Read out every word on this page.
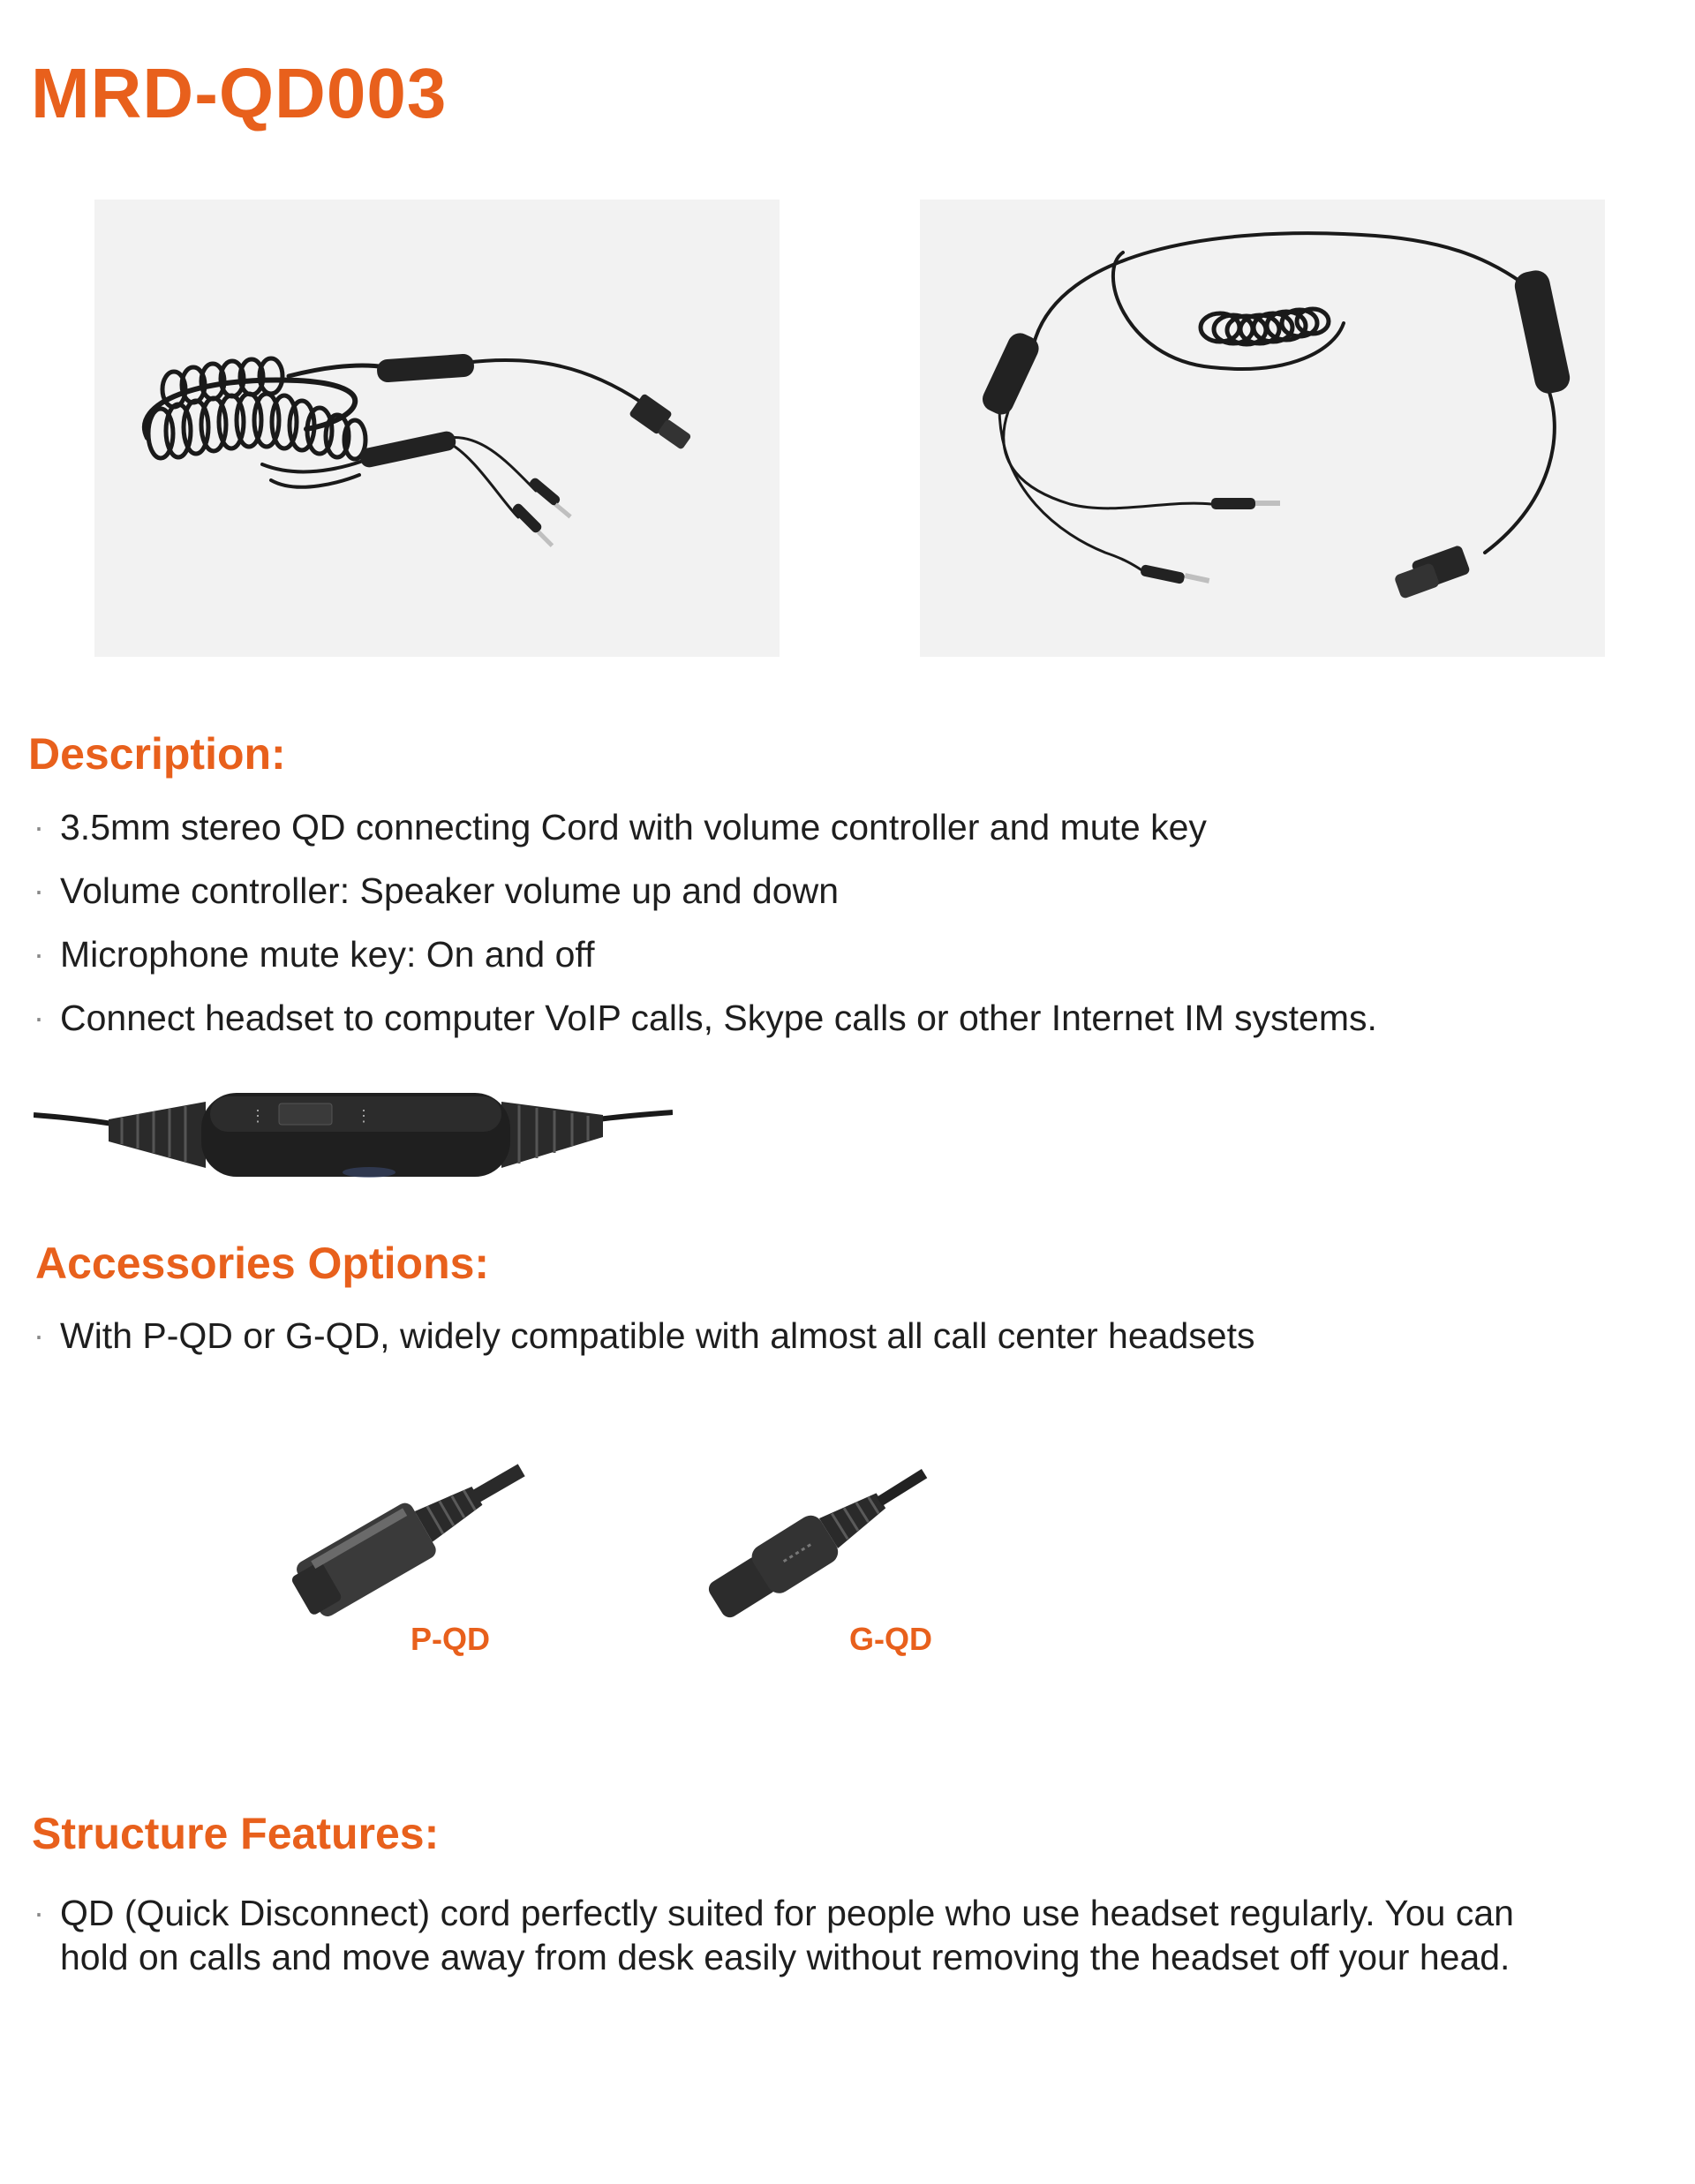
MRD-QD003
Description:
· 3.5mm stereo QD connecting Cord with volume controller and mute key
· Volume controller: Speaker volume up and down
· Microphone mute key: On and off
· Connect headset to computer VoIP calls, Skype calls or other Internet IM systems.
⋮	⋮
Accessories Options:
· With P-QD or G-QD, widely compatible with almost all call center headsets
P-QD	G-QD
Structure Features:
· QD (Quick Disconnect) cord perfectly suited for people who use headset regularly. You can
hold on calls and move away from desk easily without removing the headset off your head.
